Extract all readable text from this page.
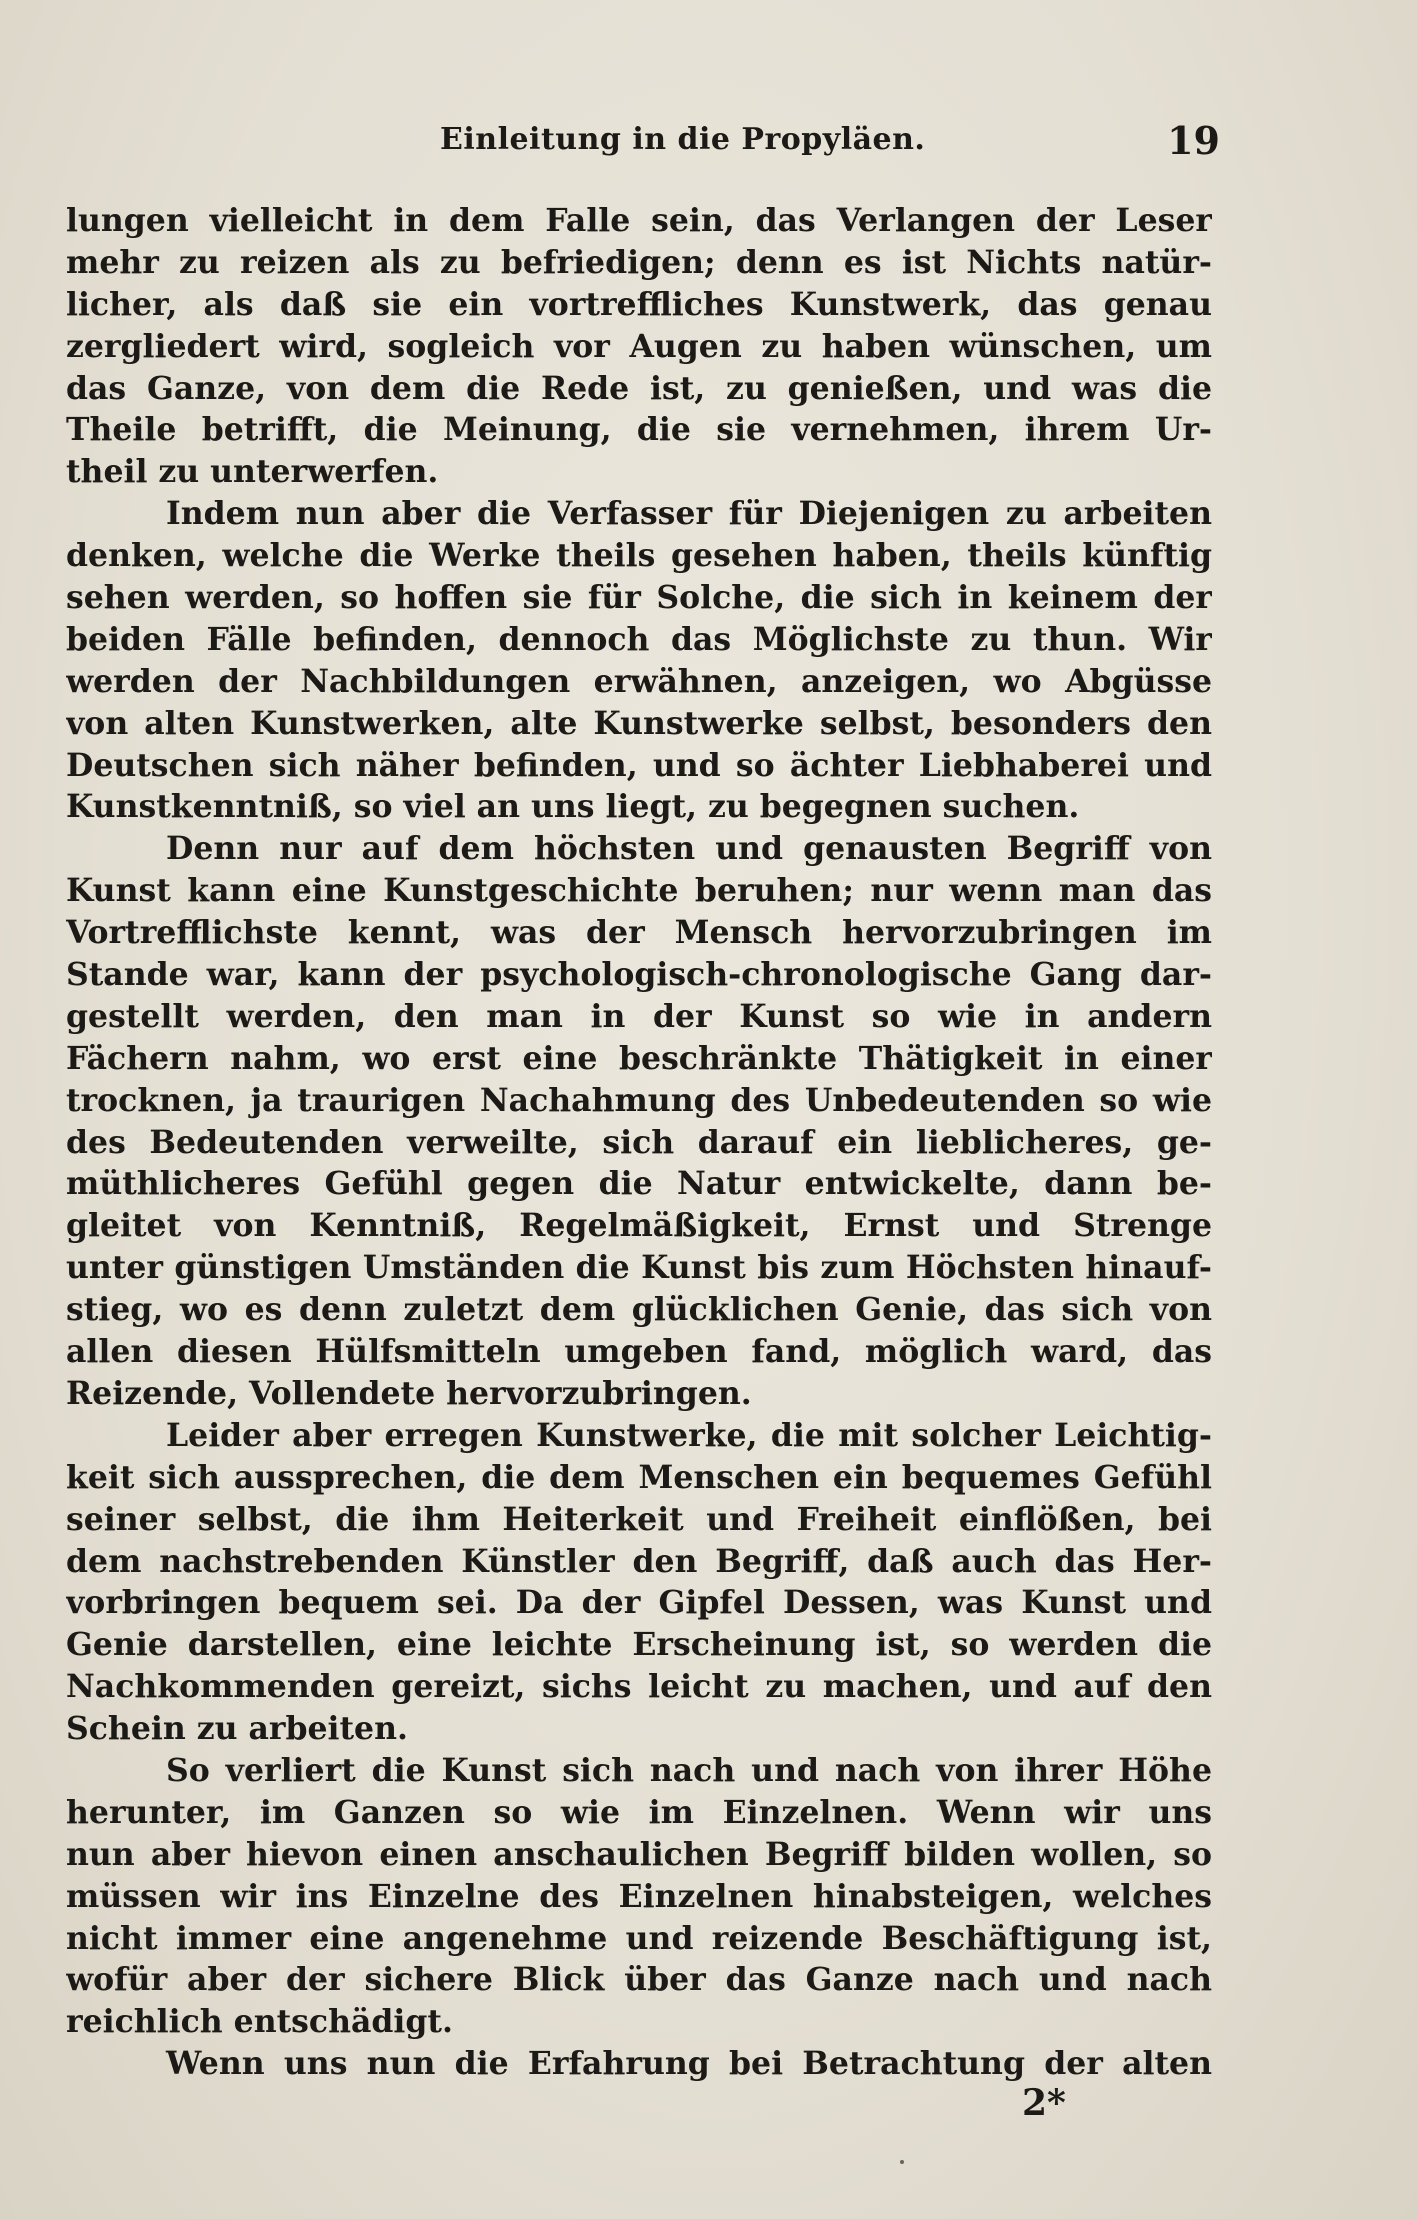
Einleitung in die Propyläen.	19
lungen vielleicht in dem Falle sein, das Verlangen der Leser
mehr zu reizen als zu befriedigen; denn es ist Nichts natür-
licher, als daß sie ein vortreffliches Kunstwerk, das genau
zergliedert wird, sogleich vor Augen zu haben wünschen, um
das Ganze, von dem die Rede ist, zu genießen, und was die
Theile betrifft, die Meinung, die sie vernehmen, ihrem Ur-
theil zu unterwerfen.
Indem nun aber die Verfasser für Diejenigen zu arbeiten
denken, welche die Werke theils gesehen haben, theils künftig
sehen werden, so hoffen sie für Solche, die sich in keinem der
beiden Fälle befinden, dennoch das Möglichste zu thun. Wir
werden der Nachbildungen erwähnen, anzeigen, wo Abgüsse
von alten Kunstwerken, alte Kunstwerke selbst, besonders den
Deutschen sich näher befinden, und so ächter Liebhaberei und
Kunstkenntniß, so viel an uns liegt, zu begegnen suchen.
Denn nur auf dem höchsten und genausten Begriff von
Kunst kann eine Kunstgeschichte beruhen; nur wenn man das
Vortrefflichste kennt, was der Mensch hervorzubringen im
Stande war, kann der psychologisch-chronologische Gang dar-
gestellt werden, den man in der Kunst so wie in andern
Fächern nahm, wo erst eine beschränkte Thätigkeit in einer
trocknen, ja traurigen Nachahmung des Unbedeutenden so wie
des Bedeutenden verweilte, sich darauf ein lieblicheres, ge-
müthlicheres Gefühl gegen die Natur entwickelte, dann be-
gleitet von Kenntniß, Regelmäßigkeit, Ernst und Strenge
unter günstigen Umständen die Kunst bis zum Höchsten hinauf-
stieg, wo es denn zuletzt dem glücklichen Genie, das sich von
allen diesen Hülfsmitteln umgeben fand, möglich ward, das
Reizende, Vollendete hervorzubringen.
Leider aber erregen Kunstwerke, die mit solcher Leichtig-
keit sich aussprechen, die dem Menschen ein bequemes Gefühl
seiner selbst, die ihm Heiterkeit und Freiheit einflößen, bei
dem nachstrebenden Künstler den Begriff, daß auch das Her-
vorbringen bequem sei. Da der Gipfel Dessen, was Kunst und
Genie darstellen, eine leichte Erscheinung ist, so werden die
Nachkommenden gereizt, sichs leicht zu machen, und auf den
Schein zu arbeiten.
So verliert die Kunst sich nach und nach von ihrer Höhe
herunter, im Ganzen so wie im Einzelnen. Wenn wir uns
nun aber hievon einen anschaulichen Begriff bilden wollen, so
müssen wir ins Einzelne des Einzelnen hinabsteigen, welches
nicht immer eine angenehme und reizende Beschäftigung ist,
wofür aber der sichere Blick über das Ganze nach und nach
reichlich entschädigt.
Wenn uns nun die Erfahrung bei Betrachtung der alten
2*
